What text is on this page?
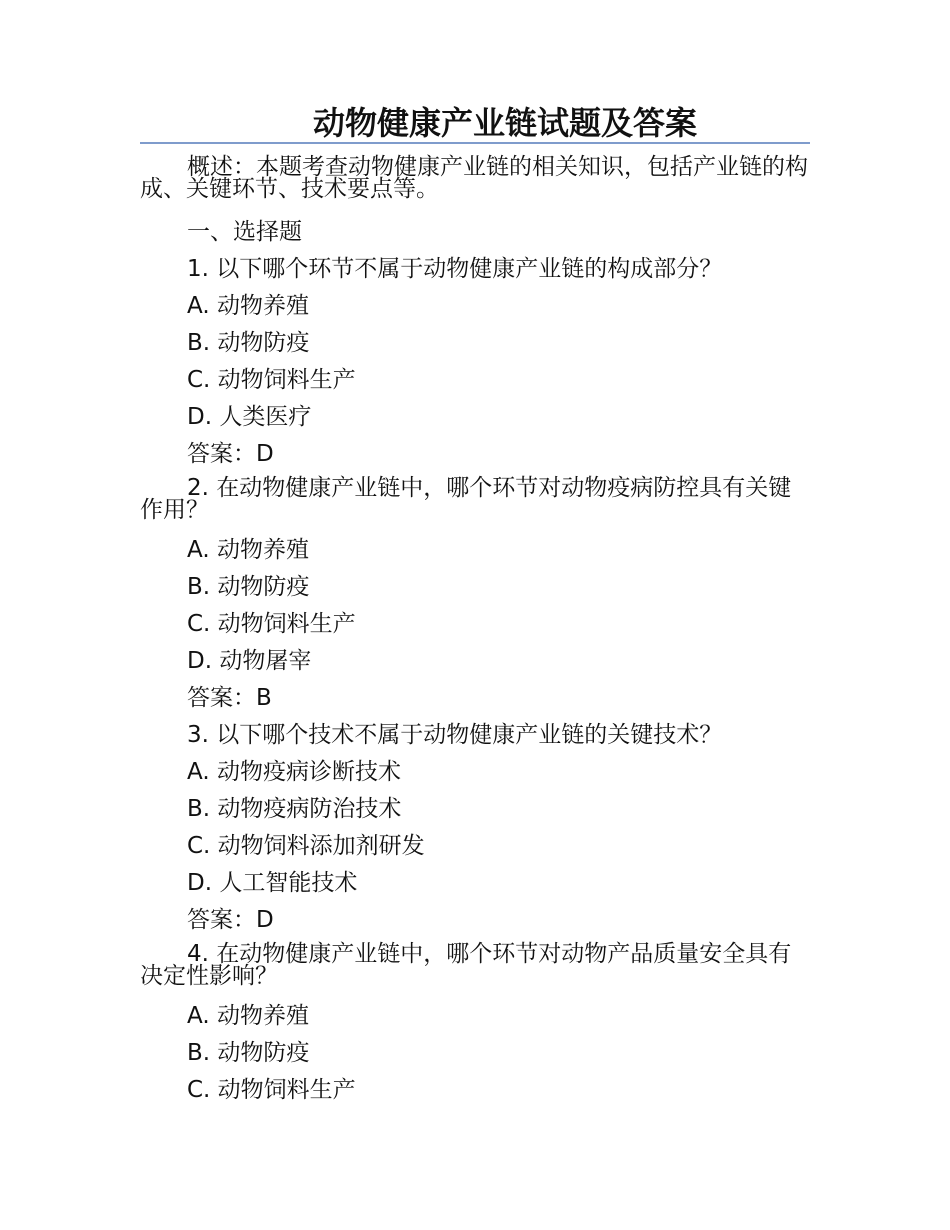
动物健康产业链试题及答案
概述：本题考查动物健康产业链的相关知识，包括产业链的构成、关键环节、技术要点等。
一、选择题
1. 以下哪个环节不属于动物健康产业链的构成部分？
A. 动物养殖
B. 动物防疫
C. 动物饲料生产
D. 人类医疗
答案：D
2. 在动物健康产业链中，哪个环节对动物疫病防控具有关键作用？
A. 动物养殖
B. 动物防疫
C. 动物饲料生产
D. 动物屠宰
答案：B
3. 以下哪个技术不属于动物健康产业链的关键技术？
A. 动物疫病诊断技术
B. 动物疫病防治技术
C. 动物饲料添加剂研发
D. 人工智能技术
答案：D
4. 在动物健康产业链中，哪个环节对动物产品质量安全具有决定性影响？
A. 动物养殖
B. 动物防疫
C. 动物饲料生产
